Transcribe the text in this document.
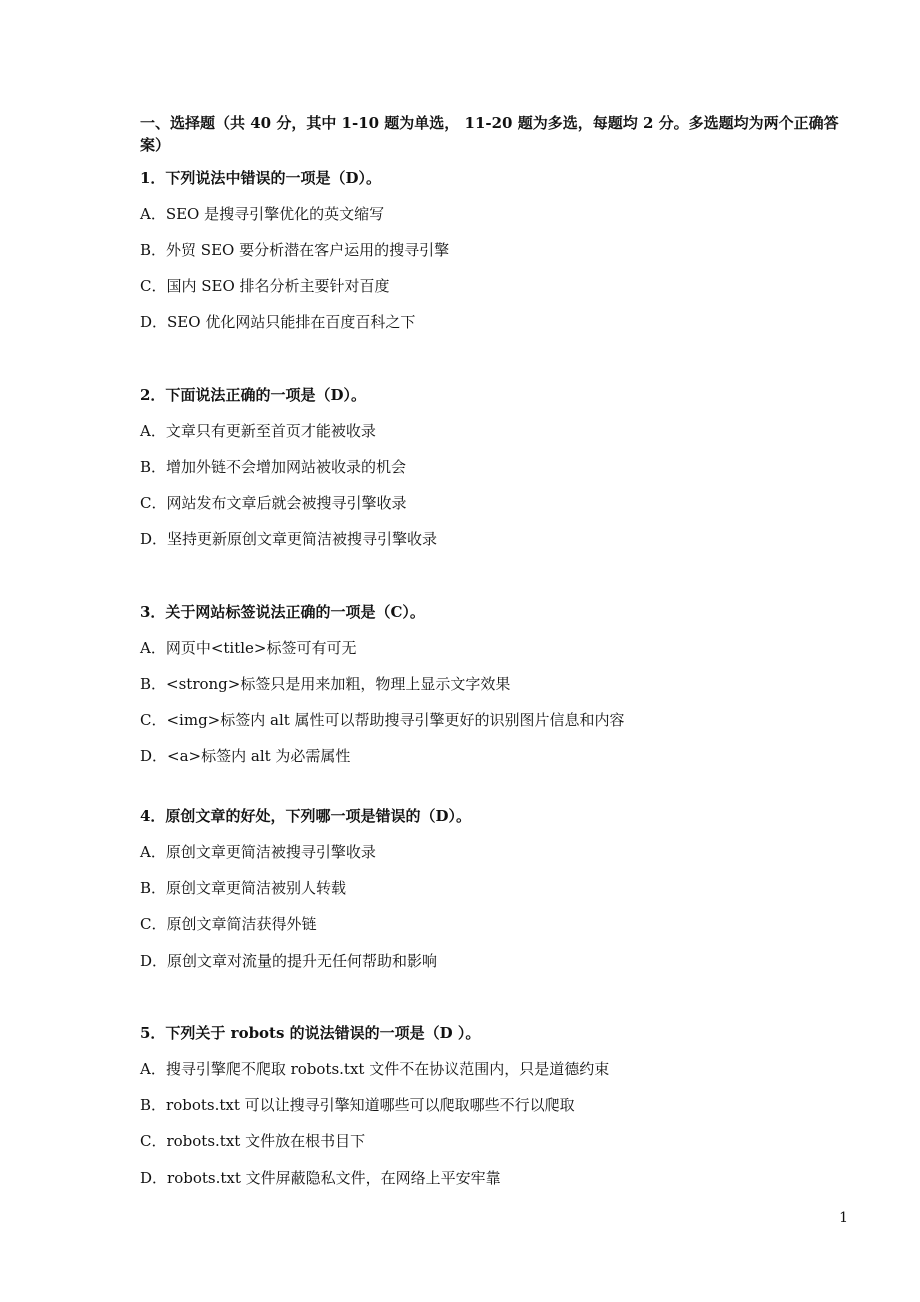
一、选择题（共 40 分，其中 1-10 题为单选， 11-20 题为多选，每题均 2 分。多选题均为两个正确答案）
1．下列说法中错误的一项是（D）。
A．SEO 是搜寻引擎优化的英文缩写
B．外贸 SEO 要分析潜在客户运用的搜寻引擎
C．国内 SEO 排名分析主要针对百度
D．SEO 优化网站只能排在百度百科之下
2．下面说法正确的一项是（D）。
A．文章只有更新至首页才能被收录
B．增加外链不会增加网站被收录的机会
C．网站发布文章后就会被搜寻引擎收录
D．坚持更新原创文章更简洁被搜寻引擎收录
3．关于网站标签说法正确的一项是（C）。
A．网页中<title>标签可有可无
B．<strong>标签只是用来加粗，物理上显示文字效果
C．<img>标签内 alt 属性可以帮助搜寻引擎更好的识别图片信息和内容
D．<a>标签内 alt 为必需属性
4．原创文章的好处，下列哪一项是错误的（D）。
A．原创文章更简洁被搜寻引擎收录
B．原创文章更简洁被别人转载
C．原创文章简洁获得外链
D．原创文章对流量的提升无任何帮助和影响
5．下列关于 robots 的说法错误的一项是（D ）。
A．搜寻引擎爬不爬取 robots.txt 文件不在协议范围内，只是道德约束
B．robots.txt 可以让搜寻引擎知道哪些可以爬取哪些不行以爬取
C．robots.txt 文件放在根书目下
D．robots.txt 文件屏蔽隐私文件，在网络上平安牢靠
1
